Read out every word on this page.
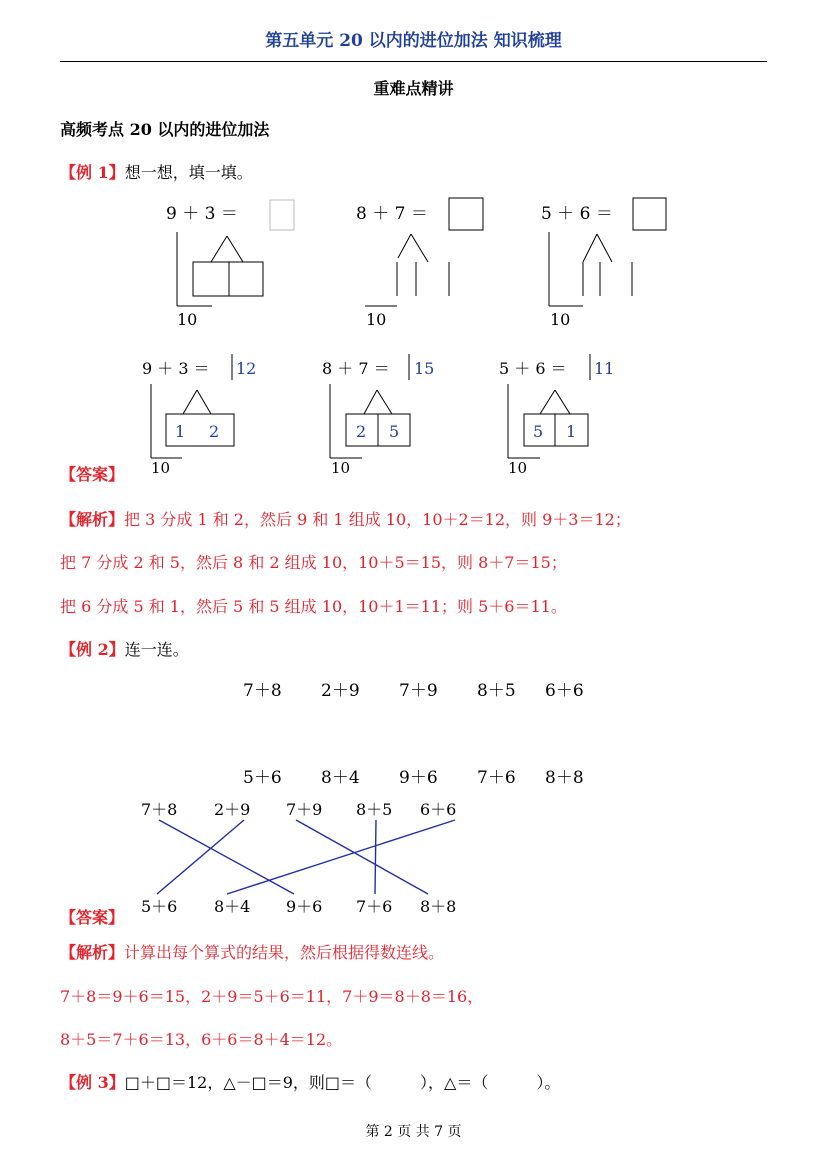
第五单元 20 以内的进位加法 知识梳理
重难点精讲
高频考点 20 以内的进位加法
【例 1】想一想，填一填。
9 ＋ 3 ＝	8 ＋ 7 ＝	5 ＋ 6 ＝
10	10	10
9 ＋ 3 ＝	8 ＋ 7 ＝	5 ＋ 6 ＝
12	15	11
1 2	2 5	5 1
10	10	10
【答案】
【解析】把 3 分成 1 和 2，然后 9 和 1 组成 10，10＋2＝12，则 9＋3＝12；
把 7 分成 2 和 5，然后 8 和 2 组成 10，10＋5＝15，则 8＋7＝15；
把 6 分成 5 和 1，然后 5 和 5 组成 10，10＋1＝11；则 5＋6＝11。
【例 2】连一连。
7＋8 2＋9 7＋9 8＋5 6＋6
5＋6 8＋4 9＋6 7＋6 8＋8
7＋8 2＋9 7＋9 8＋5 6＋6
5＋6 8＋4 9＋6 7＋6 8＋8
【答案】
【解析】计算出每个算式的结果，然后根据得数连线。
7＋8＝9＋6＝15，2＋9＝5＋6＝11，7＋9＝8＋8＝16，
8＋5＝7＋6＝13，6＋6＝8＋4＝12。
【例 3】□＋□＝12，△－□＝9，则□＝（　　　），△＝（　　　）。
第 2 页 共 7 页
